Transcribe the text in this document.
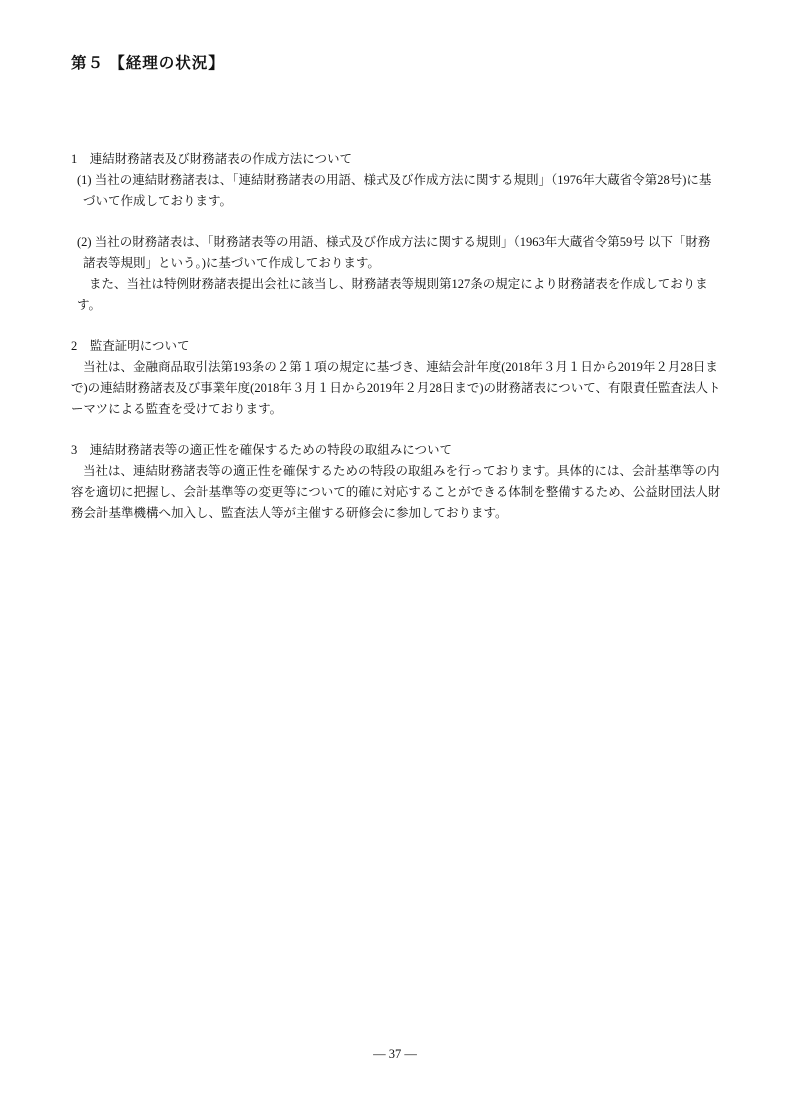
第５ 【経理の状況】
1　連結財務諸表及び財務諸表の作成方法について
(1) 当社の連結財務諸表は、「連結財務諸表の用語、様式及び作成方法に関する規則」（1976年大蔵省令第28号)に基
づいて作成しております。
(2) 当社の財務諸表は、「財務諸表等の用語、様式及び作成方法に関する規則」（1963年大蔵省令第59号 以下「財務
諸表等規則」という。)に基づいて作成しております。
また、当社は特例財務諸表提出会社に該当し、財務諸表等規則第127条の規定により財務諸表を作成しておりま
す。
2　監査証明について
当社は、金融商品取引法第193条の２第１項の規定に基づき、連結会計年度(2018年３月１日から2019年２月28日ま
で)の連結財務諸表及び事業年度(2018年３月１日から2019年２月28日まで)の財務諸表について、有限責任監査法人ト
ーマツによる監査を受けております。
3　連結財務諸表等の適正性を確保するための特段の取組みについて
当社は、連結財務諸表等の適正性を確保するための特段の取組みを行っております。具体的には、会計基準等の内
容を適切に把握し、会計基準等の変更等について的確に対応することができる体制を整備するため、公益財団法人財
務会計基準機構へ加入し、監査法人等が主催する研修会に参加しております。
― 37 ―
